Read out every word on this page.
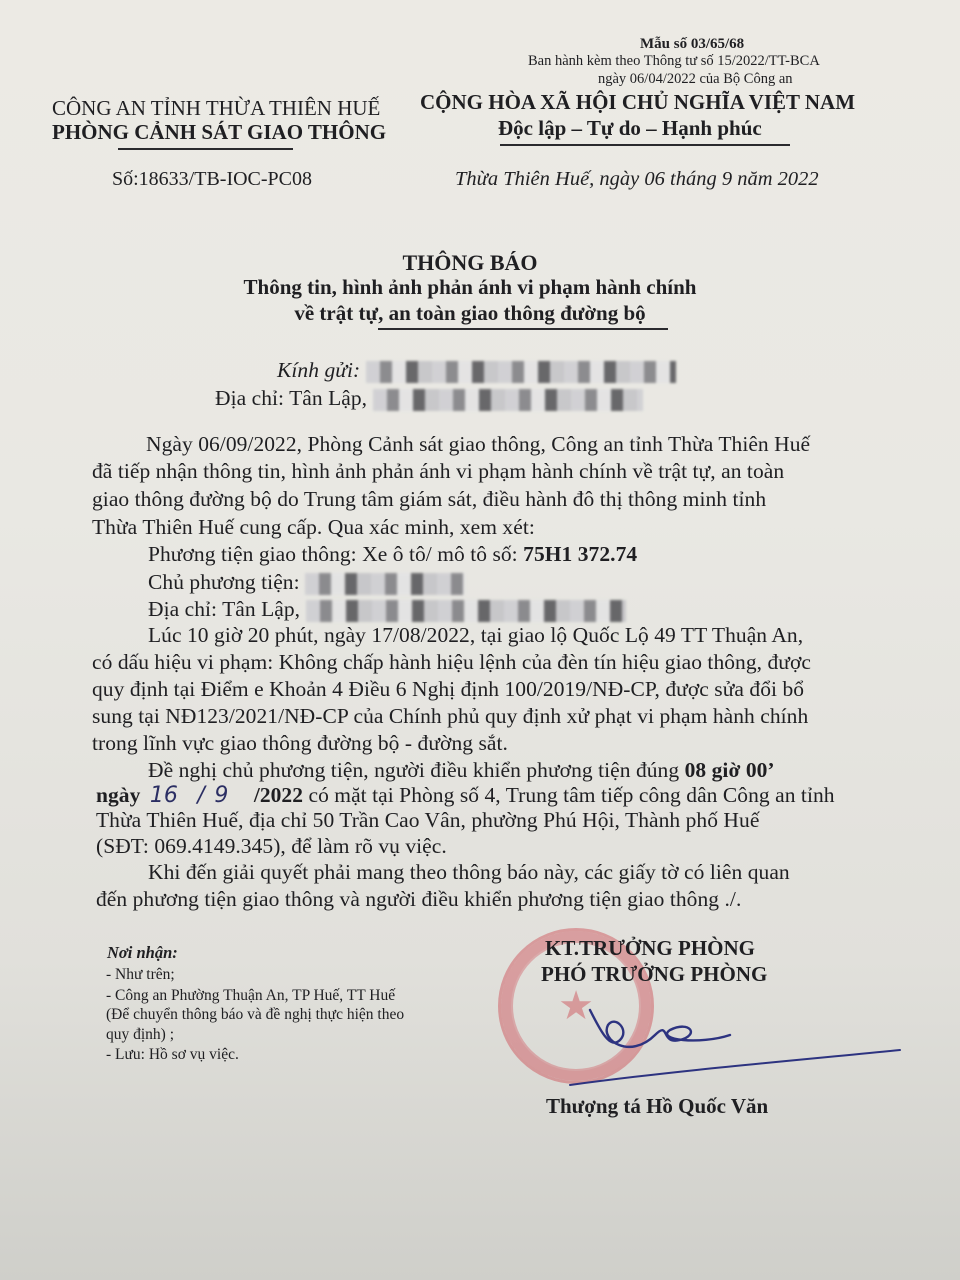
Mẫu số 03/65/68
Ban hành kèm theo Thông tư số 15/2022/TT-BCA
ngày 06/04/2022 của Bộ Công an
CÔNG AN TỈNH THỪA THIÊN HUẾ
PHÒNG CẢNH SÁT GIAO THÔNG
Số:18633/TB-IOC-PC08
CỘNG HÒA XÃ HỘI CHỦ NGHĨA VIỆT NAM
Độc lập – Tự do – Hạnh phúc
Thừa Thiên Huế, ngày 06 tháng 9 năm 2022
THÔNG BÁO
Thông tin, hình ảnh phản ánh vi phạm hành chính
về trật tự, an toàn giao thông đường bộ
Kính gửi:
Địa chỉ: Tân Lập,
Ngày 06/09/2022, Phòng Cảnh sát giao thông, Công an tỉnh Thừa Thiên Huế
đã tiếp nhận thông tin, hình ảnh phản ánh vi phạm hành chính về trật tự, an toàn
giao thông đường bộ do Trung tâm giám sát, điều hành đô thị thông minh tỉnh
Thừa Thiên Huế cung cấp. Qua xác minh, xem xét:
Phương tiện giao thông: Xe ô tô/ mô tô số: 75H1 372.74
Chủ phương tiện:
Địa chỉ: Tân Lập,
Lúc 10 giờ 20 phút, ngày 17/08/2022, tại giao lộ Quốc Lộ 49 TT Thuận An,
có dấu hiệu vi phạm: Không chấp hành hiệu lệnh của đèn tín hiệu giao thông, được
quy định tại Điểm e Khoản 4 Điều 6 Nghị định 100/2019/NĐ-CP, được sửa đổi bổ
sung tại NĐ123/2021/NĐ-CP của Chính phủ quy định xử phạt vi phạm hành chính
trong lĩnh vực giao thông đường bộ - đường sắt.
Đề nghị chủ phương tiện, người điều khiển phương tiện đúng 08 giờ 00’
ngày 16 / 9 /2022 có mặt tại Phòng số 4, Trung tâm tiếp công dân Công an tỉnh
Thừa Thiên Huế, địa chỉ 50 Trần Cao Vân, phường Phú Hội, Thành phố Huế
(SĐT: 069.4149.345), để làm rõ vụ việc.
Khi đến giải quyết phải mang theo thông báo này, các giấy tờ có liên quan
đến phương tiện giao thông và người điều khiển phương tiện giao thông ./.
Nơi nhận:
- Như trên;
- Công an Phường Thuận An, TP Huế, TT Huế
(Để chuyển thông báo và đề nghị thực hiện theo
quy định) ;
- Lưu: Hồ sơ vụ việc.
★
KT.TRƯỞNG PHÒNG
PHÓ TRƯỞNG PHÒNG
Thượng tá Hồ Quốc Văn
